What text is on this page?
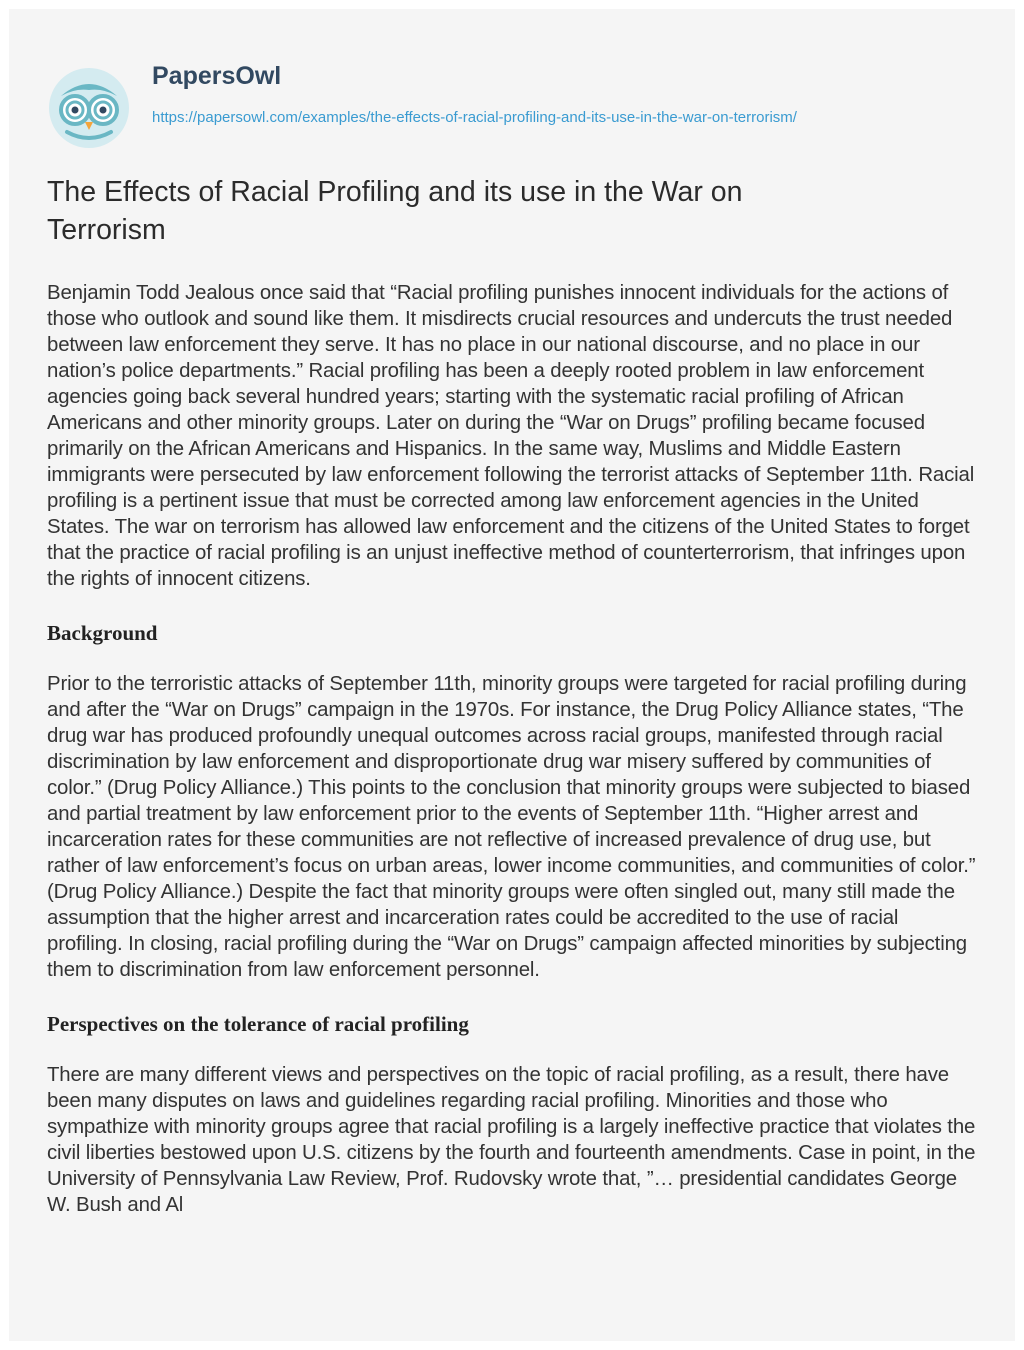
PapersOwl
https://papersowl.com/examples/the-effects-of-racial-profiling-and-its-use-in-the-war-on-terrorism/
The Effects of Racial Profiling and its use in the War on Terrorism

Benjamin Todd Jealous once said that “Racial profiling punishes innocent individuals for the actions of those who outlook and sound like them. It misdirects crucial resources and undercuts the trust needed between law enforcement they serve. It has no place in our national discourse, and no place in our nation’s police departments.” Racial profiling has been a deeply rooted problem in law enforcement agencies going back several hundred years; starting with the systematic racial profiling of African Americans and other minority groups. Later on during the “War on Drugs” profiling became focused primarily on the African Americans and Hispanics. In the same way, Muslims and Middle Eastern immigrants were persecuted by law enforcement following the terrorist attacks of September 11th. Racial profiling is a pertinent issue that must be corrected among law enforcement agencies in the United States. The war on terrorism has allowed law enforcement and the citizens of the United States to forget that the practice of racial profiling is an unjust ineffective method of counterterrorism, that infringes upon the rights of innocent citizens.

Background

Prior to the terroristic attacks of September 11th, minority groups were targeted for racial profiling during and after the “War on Drugs” campaign in the 1970s. For instance, the Drug Policy Alliance states, “The drug war has produced profoundly unequal outcomes across racial groups, manifested through racial discrimination by law enforcement and disproportionate drug war misery suffered by communities of color.” (Drug Policy Alliance.) This points to the conclusion that minority groups were subjected to biased and partial treatment by law enforcement prior to the events of September 11th. “Higher arrest and incarceration rates for these communities are not reflective of increased prevalence of drug use, but rather of law enforcement’s focus on urban areas, lower income communities, and communities of color.” (Drug Policy Alliance.) Despite the fact that minority groups were often singled out, many still made the assumption that the higher arrest and incarceration rates could be accredited to the use of racial profiling. In closing, racial profiling during the “War on Drugs” campaign affected minorities by subjecting them to discrimination from law enforcement personnel.

Perspectives on the tolerance of racial profiling

There are many different views and perspectives on the topic of racial profiling, as a result, there have been many disputes on laws and guidelines regarding racial profiling. Minorities and those who sympathize with minority groups agree that racial profiling is a largely ineffective practice that violates the civil liberties bestowed upon U.S. citizens by the fourth and fourteenth amendments. Case in point, in the University of Pennsylvania Law Review, Prof. Rudovsky wrote that, ”… presidential candidates George W. Bush and Al
